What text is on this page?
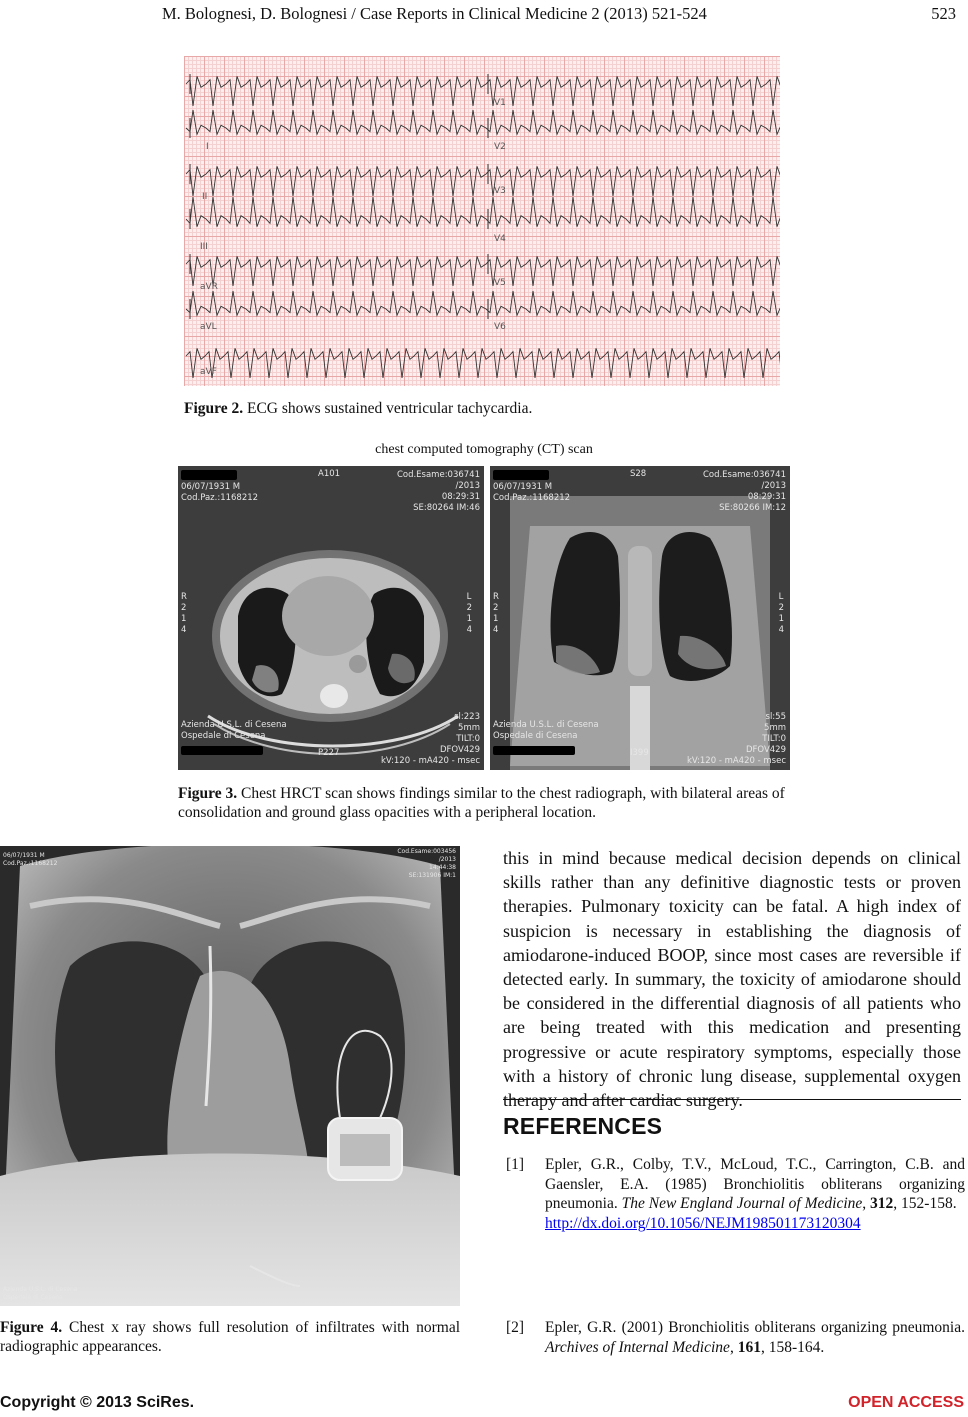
M. Bolognesi, D. Bolognesi / Case Reports in Clinical Medicine 2 (2013) 521-524	523
I
II
III
aVR
aVL
aVF
V1
V2
V3
V4
V5
V6
Figure 2. ECG shows sustained ventricular tachycardia.
chest computed tomography (CT) scan
06/07/1931 M
Cod.Paz.:1168212
A101	Cod.Esame:036741
/2013
08:29:31
SE:80264 IM:46
R
2
1
4
L
2
1
4
Azienda U.S.L. di Cesena
Ospedale di Cesena
P227
sl:223
5mm
TILT:0
DFOV429
kV:120 - mA420 - msec
06/07/1931 M
Cod.Paz.:1168212
S28	Cod.Esame:036741
/2013
08:29:31
SE:80266 IM:12
R
2
1
4
L
2
1
4
Azienda U.S.L. di Cesena
Ospedale di Cesena
I399
sl:55
5mm
TILT:0
DFOV429
kV:120 - mA420 - msec
Figure 3. Chest HRCT scan shows findings similar to the chest radiograph, with bilateral areas of consolidation and ground glass opacities with a peripheral location.
06/07/1931 M
Cod.Paz.:1168212
Cod.Esame:003456
/2013
14:44:38
SE:131906 IM:1
Azienda U.S.L. di Cesena
Ospedale di Cesena
Figure 4. Chest x ray shows full resolution of infiltrates with normal radiographic appearances.

this in mind because medical decision depends on clinical skills rather than any definitive diagnostic tests or proven therapies. Pulmonary toxicity can be fatal. A high index of suspicion is necessary in establishing the diagnosis of amiodarone-induced BOOP, since most cases are reversible if detected early. In summary, the toxicity of amiodarone should be considered in the differential diagnosis of all patients who are being treated with this medication and presenting progressive or acute respiratory symptoms, especially those with a history of chronic lung disease, supplemental oxygen therapy and after cardiac surgery.

REFERENCES
[1] Epler, G.R., Colby, T.V., McLoud, T.C., Carrington, C.B. and Gaensler, E.A. (1985) Bronchiolitis obliterans organizing pneumonia. The New England Journal of Medicine, 312, 152-158.
http://dx.doi.org/10.1056/NEJM198501173120304
[2] Epler, G.R. (2001) Bronchiolitis obliterans organizing pneumonia. Archives of Internal Medicine, 161, 158-164.
Copyright © 2013 SciRes.	OPEN ACCESS
